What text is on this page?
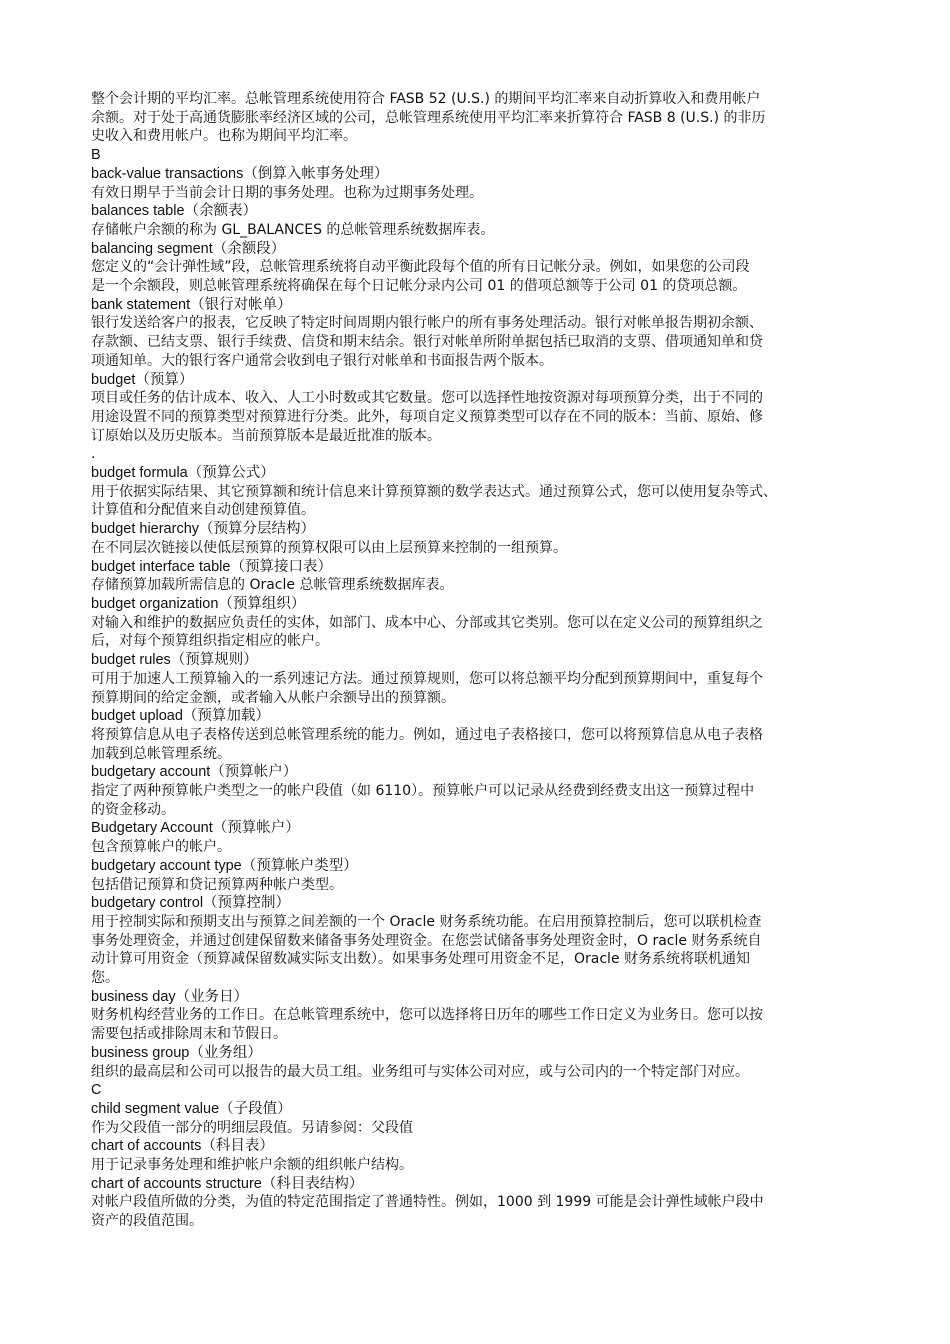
整个会计期的平均汇率。总帐管理系统使用符合 FASB 52 (U.S.) 的期间平均汇率来自动折算收入和费用帐户
余额。对于处于高通货膨胀率经济区域的公司，总帐管理系统使用平均汇率来折算符合 FASB 8 (U.S.) 的非历
史收入和费用帐户。也称为期间平均汇率。
B
back-value transactions（倒算入帐事务处理）
有效日期早于当前会计日期的事务处理。也称为过期事务处理。
balances table（余额表）
存储帐户余额的称为 GL_BALANCES 的总帐管理系统数据库表。
balancing segment（余额段）
您定义的“会计弹性域”段，总帐管理系统将自动平衡此段每个值的所有日记帐分录。例如，如果您的公司段
是一个余额段，则总帐管理系统将确保在每个日记帐分录内公司 01 的借项总额等于公司 01 的贷项总额。
bank statement（银行对帐单）
银行发送给客户的报表，它反映了特定时间周期内银行帐户的所有事务处理活动。银行对帐单报告期初余额、
存款额、已结支票、银行手续费、信贷和期末结余。银行对帐单所附单据包括已取消的支票、借项通知单和贷
项通知单。大的银行客户通常会收到电子银行对帐单和书面报告两个版本。
budget（预算）
项目或任务的估计成本、收入、人工小时数或其它数量。您可以选择性地按资源对每项预算分类，出于不同的
用途设置不同的预算类型对预算进行分类。此外，每项自定义预算类型可以存在不同的版本：当前、原始、修
订原始以及历史版本。当前预算版本是最近批准的版本。
.
budget formula（预算公式）
用于依据实际结果、其它预算额和统计信息来计算预算额的数学表达式。通过预算公式，您可以使用复杂等式、
计算值和分配值来自动创建预算值。
budget hierarchy（预算分层结构）
在不同层次链接以使低层预算的预算权限可以由上层预算来控制的一组预算。
budget interface table（预算接口表）
存储预算加载所需信息的 Oracle 总帐管理系统数据库表。
budget organization（预算组织）
对输入和维护的数据应负责任的实体，如部门、成本中心、分部或其它类别。您可以在定义公司的预算组织之
后，对每个预算组织指定相应的帐户。
budget rules（预算规则）
可用于加速人工预算输入的一系列速记方法。通过预算规则，您可以将总额平均分配到预算期间中，重复每个
预算期间的给定金额，或者输入从帐户余额导出的预算额。
budget upload（预算加载）
将预算信息从电子表格传送到总帐管理系统的能力。例如，通过电子表格接口，您可以将预算信息从电子表格
加载到总帐管理系统。
budgetary account（预算帐户）
指定了两种预算帐户类型之一的帐户段值（如 6110）。预算帐户可以记录从经费到经费支出这一预算过程中
的资金移动。
Budgetary Account（预算帐户）
包含预算帐户的帐户。
budgetary account type（预算帐户类型）
包括借记预算和贷记预算两种帐户类型。
budgetary control（预算控制）
用于控制实际和预期支出与预算之间差额的一个 Oracle 财务系统功能。在启用预算控制后，您可以联机检查
事务处理资金，并通过创建保留数来储备事务处理资金。在您尝试储备事务处理资金时，O racle 财务系统自
动计算可用资金（预算减保留数减实际支出数）。如果事务处理可用资金不足，Oracle 财务系统将联机通知
您。
business day（业务日）
财务机构经营业务的工作日。在总帐管理系统中，您可以选择将日历年的哪些工作日定义为业务日。您可以按
需要包括或排除周末和节假日。
business group（业务组）
组织的最高层和公司可以报告的最大员工组。业务组可与实体公司对应，或与公司内的一个特定部门对应。
C
child segment value（子段值）
作为父段值一部分的明细层段值。另请参阅：父段值
chart of accounts（科目表）
用于记录事务处理和维护帐户余额的组织帐户结构。
chart of accounts structure（科目表结构）
对帐户段值所做的分类，为值的特定范围指定了普通特性。例如，1000 到 1999 可能是会计弹性域帐户段中
资产的段值范围。
